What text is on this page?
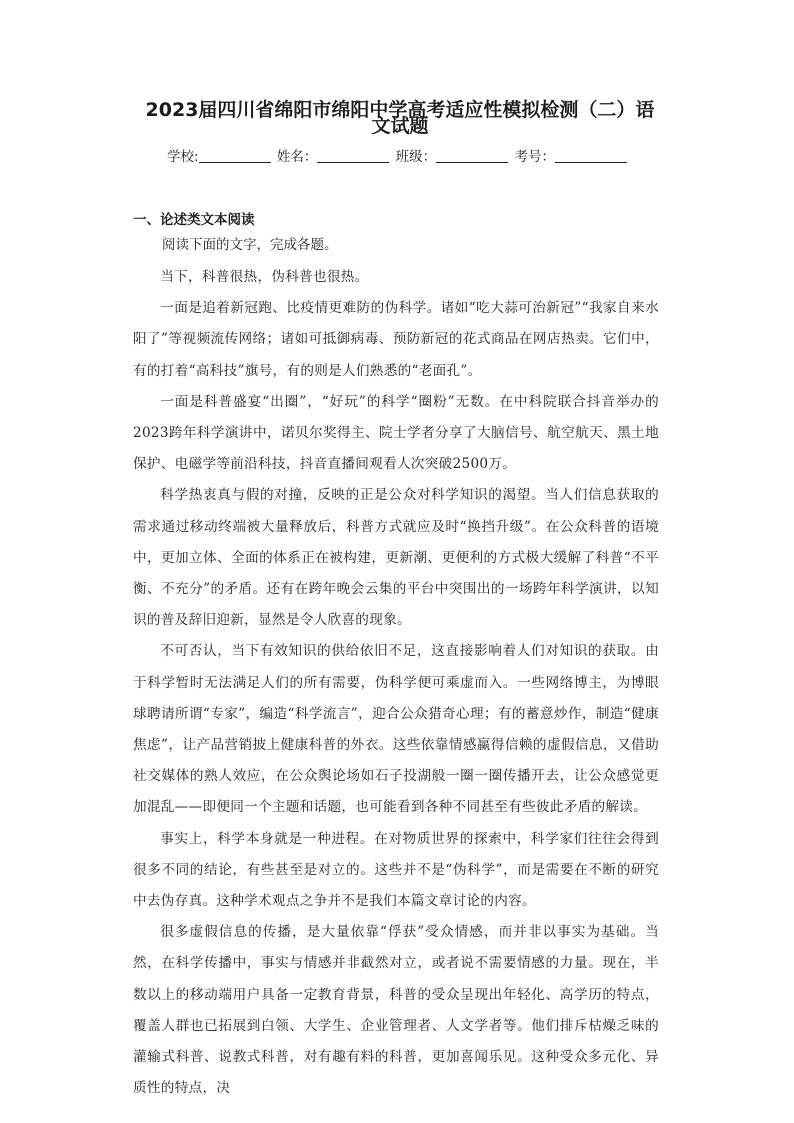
2023届四川省绵阳市绵阳中学高考适应性模拟检测（二）语
文试题
学校:	姓名：	班级：	考号：
一、论述类文本阅读
阅读下面的文字，完成各题。

当下，科普很热，伪科普也很热。

一面是追着新冠跑、比疫情更难防的伪科学。诸如“吃大蒜可治新冠”“我家自来水阳了”等视频流传网络；诸如可抵御病毒、预防新冠的花式商品在网店热卖。它们中，有的打着“高科技”旗号，有的则是人们熟悉的“老面孔”。

一面是科普盛宴“出圈”，“好玩”的科学“圈粉”无数。在中科院联合抖音举办的2023跨年科学演讲中，诺贝尔奖得主、院士学者分享了大脑信号、航空航天、黑土地保护、电磁学等前沿科技，抖音直播间观看人次突破2500万。

科学热衷真与假的对撞，反映的正是公众对科学知识的渴望。当人们信息获取的需求通过移动终端被大量释放后，科普方式就应及时“换挡升级”。在公众科普的语境中，更加立体、全面的体系正在被构建，更新潮、更便利的方式极大缓解了科普“不平衡、不充分”的矛盾。还有在跨年晚会云集的平台中突围出的一场跨年科学演讲，以知识的普及辞旧迎新，显然是令人欣喜的现象。

不可否认，当下有效知识的供给依旧不足，这直接影响着人们对知识的获取。由于科学暂时无法满足人们的所有需要，伪科学便可乘虚而入。一些网络博主，为博眼球聘请所谓“专家”，编造“科学流言”，迎合公众猎奇心理；有的蓄意炒作，制造“健康焦虑”，让产品营销披上健康科普的外衣。这些依靠情感赢得信赖的虚假信息，又借助社交媒体的熟人效应，在公众舆论场如石子投湖般一圈一圈传播开去，让公众感觉更加混乱——即便同一个主题和话题，也可能看到各种不同甚至有些彼此矛盾的解读。

事实上，科学本身就是一种进程。在对物质世界的探索中，科学家们往往会得到很多不同的结论，有些甚至是对立的。这些并不是“伪科学”，而是需要在不断的研究中去伪存真。这种学术观点之争并不是我们本篇文章讨论的内容。

很多虚假信息的传播，是大量依靠“俘获”受众情感，而并非以事实为基础。当然，在科学传播中，事实与情感并非截然对立，或者说不需要情感的力量。现在，半数以上的移动端用户具备一定教育背景，科普的受众呈现出年轻化、高学历的特点，覆盖人群也已拓展到白领、大学生、企业管理者、人文学者等。他们排斥枯燥乏味的灌输式科普、说教式科普，对有趣有料的科普，更加喜闻乐见。这种受众多元化、异质性的特点，决
